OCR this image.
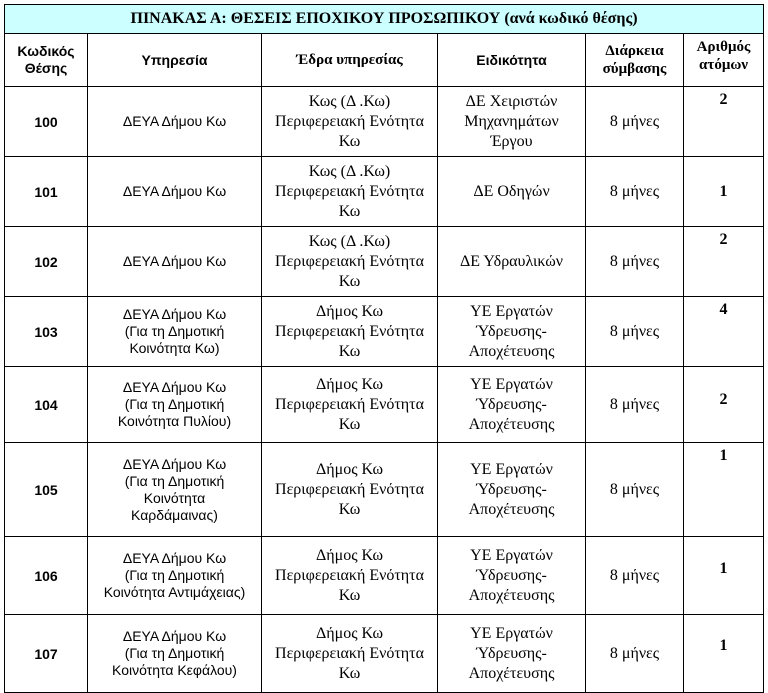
ΠΙΝΑΚΑΣ Α: ΘΕΣΕΙΣ ΕΠΟΧΙΚΟΥ ΠΡΟΣΩΠΙΚΟΥ (ανά κωδικό θέσης)					
Κωδικός
Θέσης	Υπηρεσία	Έδρα υπηρεσίας	Ειδικότητα	Διάρκεια
σύμβασης	Αριθμός
ατόμων
100	ΔΕΥΑ Δήμου Κω	Κως (Δ .Κω)
Περιφερειακή Ενότητα
Κω	ΔΕ Χειριστών
Μηχανημάτων
Έργου	8 μήνες	2
101	ΔΕΥΑ Δήμου Κω	Κως (Δ .Κω)
Περιφερειακή Ενότητα
Κω	ΔΕ Οδηγών	8 μήνες	1
102	ΔΕΥΑ Δήμου Κω	Κως (Δ .Κω)
Περιφερειακή Ενότητα
Κω	ΔΕ Υδραυλικών	8 μήνες	2
103	ΔΕΥΑ Δήμου Κω
(Για τη Δημοτική
Κοινότητα Κω)	Δήμος Κω
Περιφερειακή Ενότητα
Κω	ΥΕ Εργατών
Ύδρευσης-
Αποχέτευσης	8 μήνες	4
104	ΔΕΥΑ Δήμου Κω
(Για τη Δημοτική
Κοινότητα Πυλίου)	Δήμος Κω
Περιφερειακή Ενότητα
Κω	ΥΕ Εργατών
Ύδρευσης-
Αποχέτευσης	8 μήνες	2
105	ΔΕΥΑ Δήμου Κω
(Για τη Δημοτική
Κοινότητα
Καρδάμαινας)	Δήμος Κω
Περιφερειακή Ενότητα
Κω	ΥΕ Εργατών
Ύδρευσης-
Αποχέτευσης	8 μήνες	1
106	ΔΕΥΑ Δήμου Κω
(Για τη Δημοτική
Κοινότητα Αντιμάχειας)	Δήμος Κω
Περιφερειακή Ενότητα
Κω	ΥΕ Εργατών
Ύδρευσης-
Αποχέτευσης	8 μήνες	1
107	ΔΕΥΑ Δήμου Κω
(Για τη Δημοτική
Κοινότητα Κεφάλου)	Δήμος Κω
Περιφερειακή Ενότητα
Κω	ΥΕ Εργατών
Ύδρευσης-
Αποχέτευσης	8 μήνες	1
